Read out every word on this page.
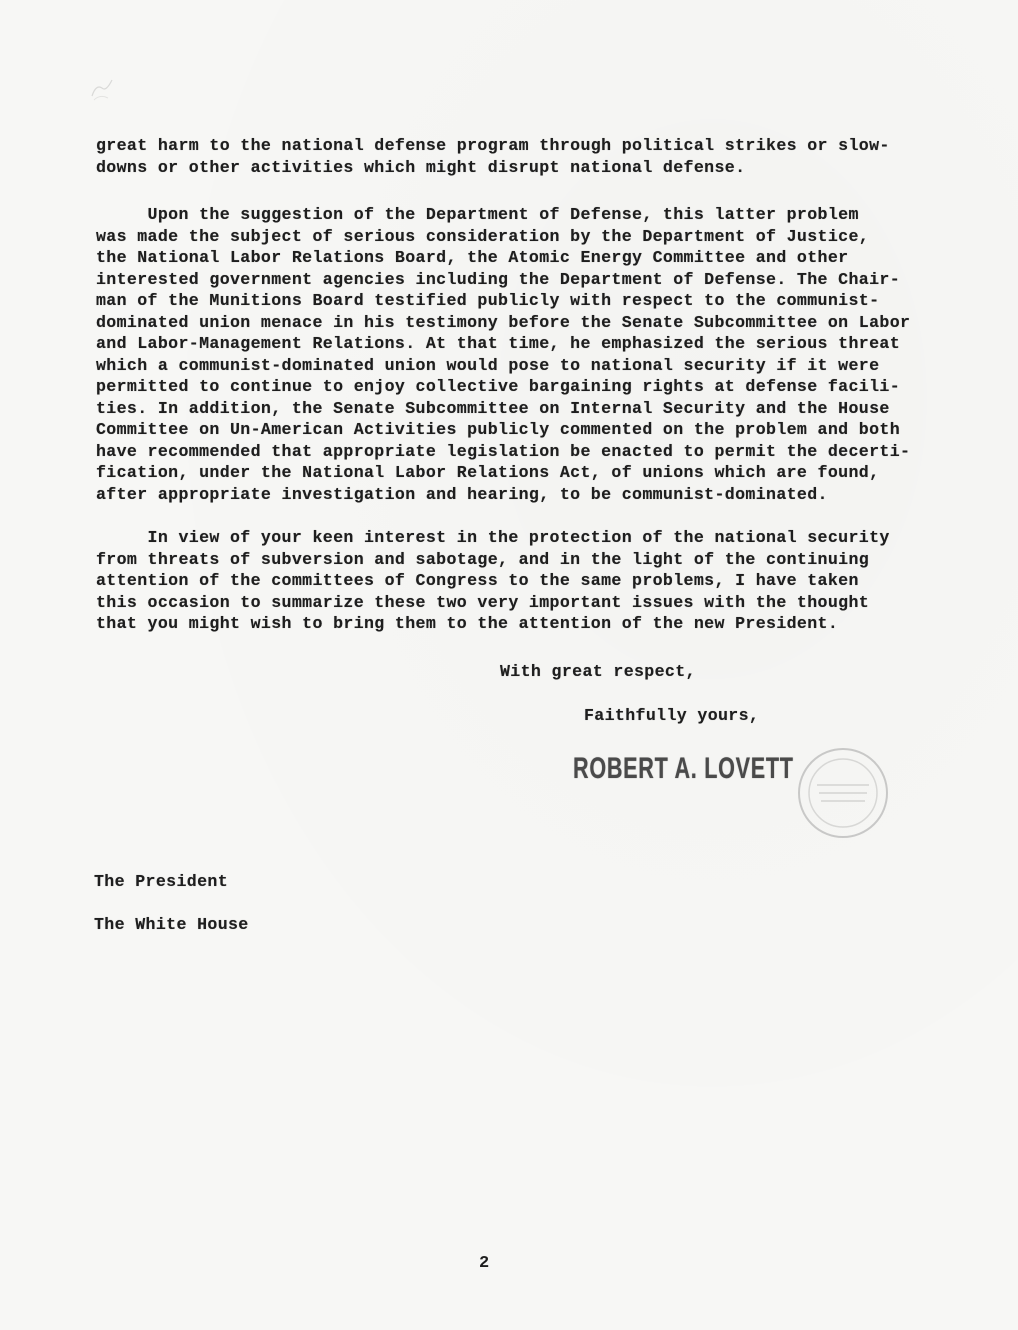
great harm to the national defense program through political strikes or slow-
downs or other activities which might disrupt national defense.
Upon the suggestion of the Department of Defense, this latter problem
was made the subject of serious consideration by the Department of Justice,
the National Labor Relations Board, the Atomic Energy Committee and other
interested government agencies including the Department of Defense. The Chair-
man of the Munitions Board testified publicly with respect to the communist-
dominated union menace in his testimony before the Senate Subcommittee on Labor
and Labor-Management Relations. At that time, he emphasized the serious threat
which a communist-dominated union would pose to national security if it were
permitted to continue to enjoy collective bargaining rights at defense facili-
ties. In addition, the Senate Subcommittee on Internal Security and the House
Committee on Un-American Activities publicly commented on the problem and both
have recommended that appropriate legislation be enacted to permit the decerti-
fication, under the National Labor Relations Act, of unions which are found,
after appropriate investigation and hearing, to be communist-dominated.
In view of your keen interest in the protection of the national security
from threats of subversion and sabotage, and in the light of the continuing
attention of the committees of Congress to the same problems, I have taken
this occasion to summarize these two very important issues with the thought
that you might wish to bring them to the attention of the new President.
With great respect,
Faithfully yours,
ROBERT A. LOVETT
The President
The White House
2
